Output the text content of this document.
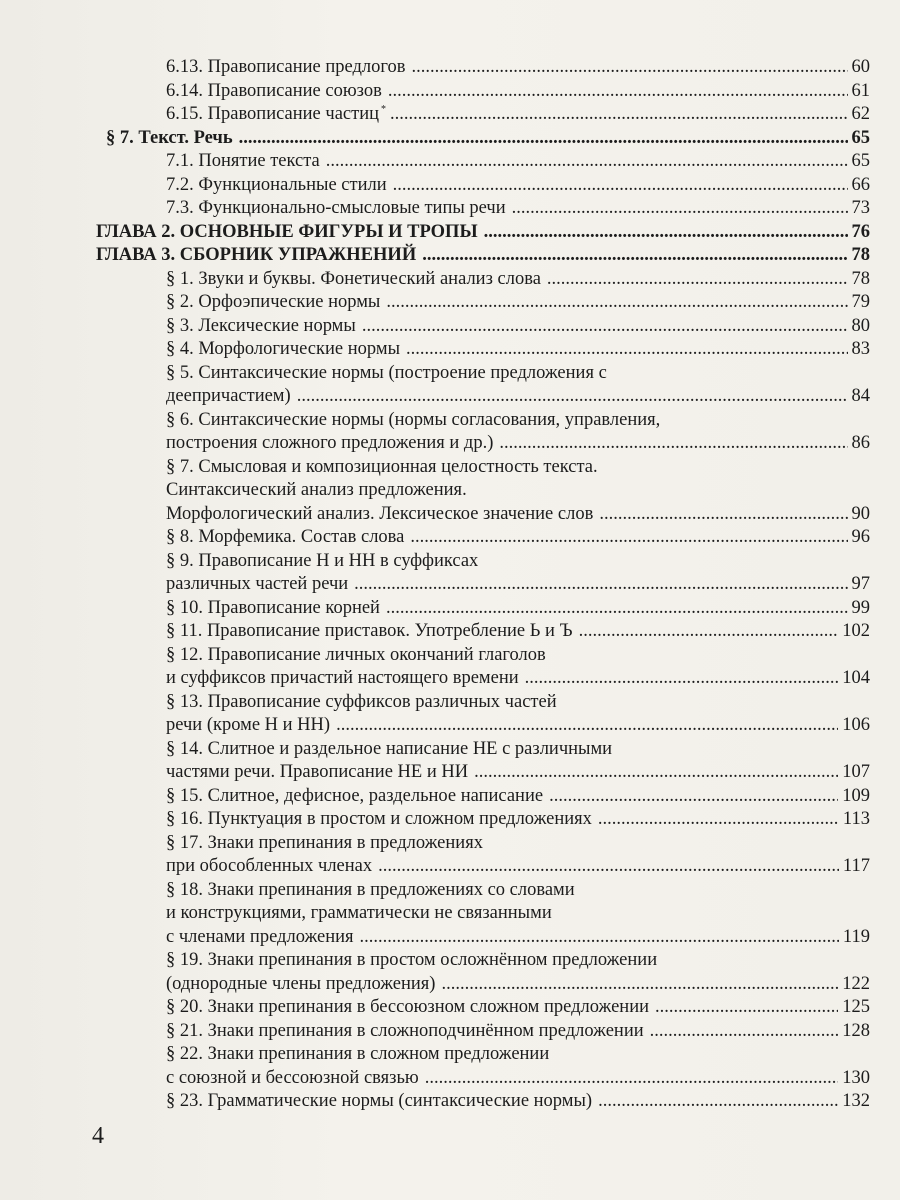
6.13. Правописание предлогов .....	60
6.14. Правописание союзов .....	61
6.15. Правописание частиц * .....	62
§ 7. Текст. Речь .....	65
7.1. Понятие текста .....	65
7.2. Функциональные стили .....	66
7.3. Функционально-смысловые типы речи .....	73
ГЛАВА 2. ОСНОВНЫЕ ФИГУРЫ И ТРОПЫ .....	76
ГЛАВА 3. СБОРНИК УПРАЖНЕНИЙ .....	78
§ 1. Звуки и буквы. Фонетический анализ слова .....	78
§ 2. Орфоэпические нормы .....	79
§ 3. Лексические нормы .....	80
§ 4. Морфологические нормы .....	83
§ 5. Синтаксические нормы (построение предложения с
деепричастием) .....	84
§ 6. Синтаксические нормы (нормы согласования, управления,
построения сложного предложения и др.) .....	86
§ 7. Смысловая и композиционная целостность текста.
Синтаксический анализ предложения.
Морфологический анализ. Лексическое значение слов .....	90
§ 8. Морфемика. Состав слова .....	96
§ 9. Правописание Н и НН в суффиксах
различных частей речи .....	97
§ 10. Правописание корней .....	99
§ 11. Правописание приставок. Употребление Ь и Ъ .....	102
§ 12. Правописание личных окончаний глаголов
и суффиксов причастий настоящего времени .....	104
§ 13. Правописание суффиксов различных частей
речи (кроме Н и НН) .....	106
§ 14. Слитное и раздельное написание НЕ с различными
частями речи. Правописание НЕ и НИ .....	107
§ 15. Слитное, дефисное, раздельное написание .....	109
§ 16. Пунктуация в простом и сложном предложениях .....	113
§ 17. Знаки препинания в предложениях
при обособленных членах .....	117
§ 18. Знаки препинания в предложениях со словами
и конструкциями, грамматически не связанными
с членами предложения .....	119
§ 19. Знаки препинания в простом осложнённом предложении
(однородные члены предложения) .....	122
§ 20. Знаки препинания в бессоюзном сложном предложении .....	125
§ 21. Знаки препинания в сложноподчинённом предложении .....	128
§ 22. Знаки препинания в сложном предложении
с союзной и бессоюзной связью .....	130
§ 23. Грамматические нормы (синтаксические нормы) .....	132
4
